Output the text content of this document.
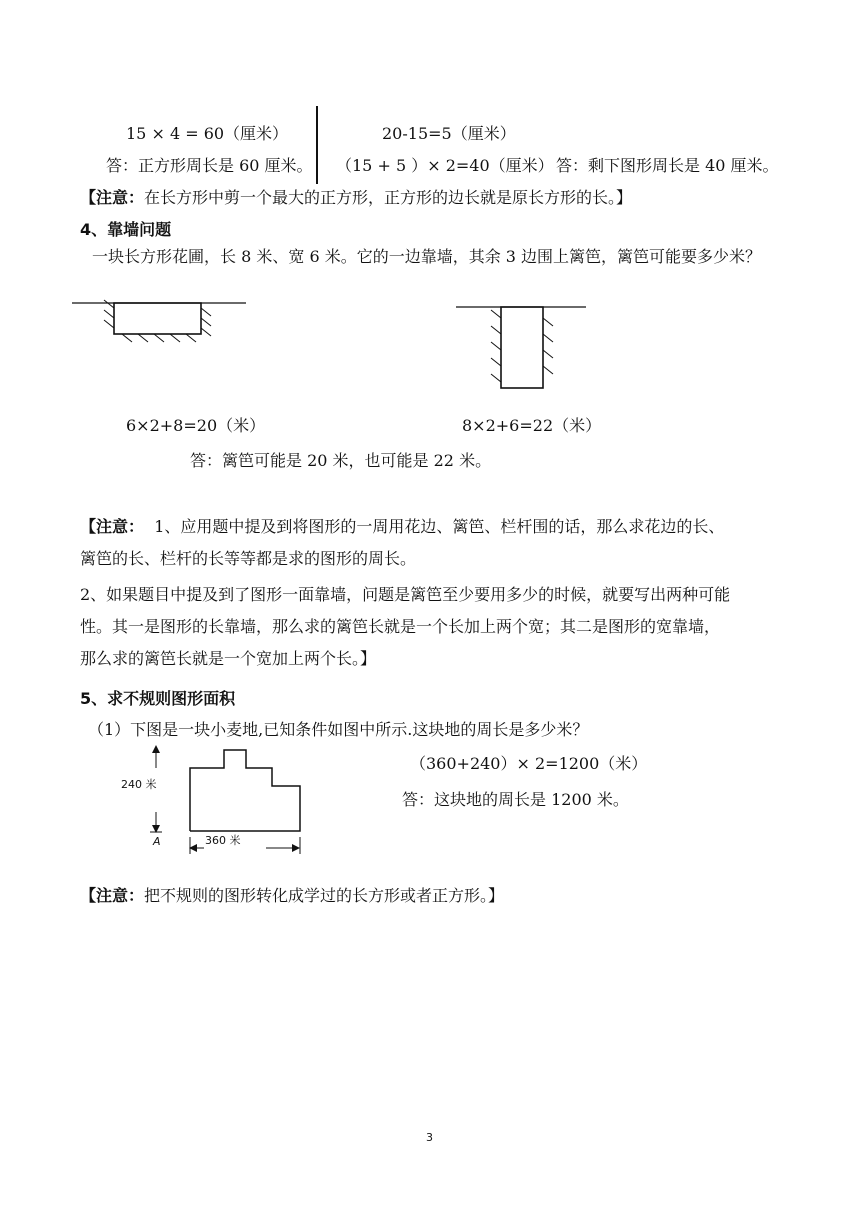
15 × 4 = 60（厘米）
答：正方形周长是 60 厘米。
20-15=5（厘米）
（15 + 5 ）× 2=40（厘米） 答：剩下图形周长是 40 厘米。
【注意：在长方形中剪一个最大的正方形，正方形的边长就是原长方形的长。】
4、靠墙问题
一块长方形花圃，长 8 米、宽 6 米。它的一边靠墙，其余 3 边围上篱笆，篱笆可能要多少米？
6×2+8=20（米）	8×2+6=22（米）
答：篱笆可能是 20 米，也可能是 22 米。
【注意： 1、应用题中提及到将图形的一周用花边、篱笆、栏杆围的话，那么求花边的长、
篱笆的长、栏杆的长等等都是求的图形的周长。
2、如果题目中提及到了图形一面靠墙，问题是篱笆至少要用多少的时候，就要写出两种可能
性。其一是图形的长靠墙，那么求的篱笆长就是一个长加上两个宽；其二是图形的宽靠墙，
那么求的篱笆长就是一个宽加上两个长。】
5、求不规则图形面积
（1）下图是一块小麦地,已知条件如图中所示.这块地的周长是多少米？
240 米
A	360 米
（360+240）× 2=1200（米）
答：这块地的周长是 1200 米。
【注意：把不规则的图形转化成学过的长方形或者正方形。】
3
